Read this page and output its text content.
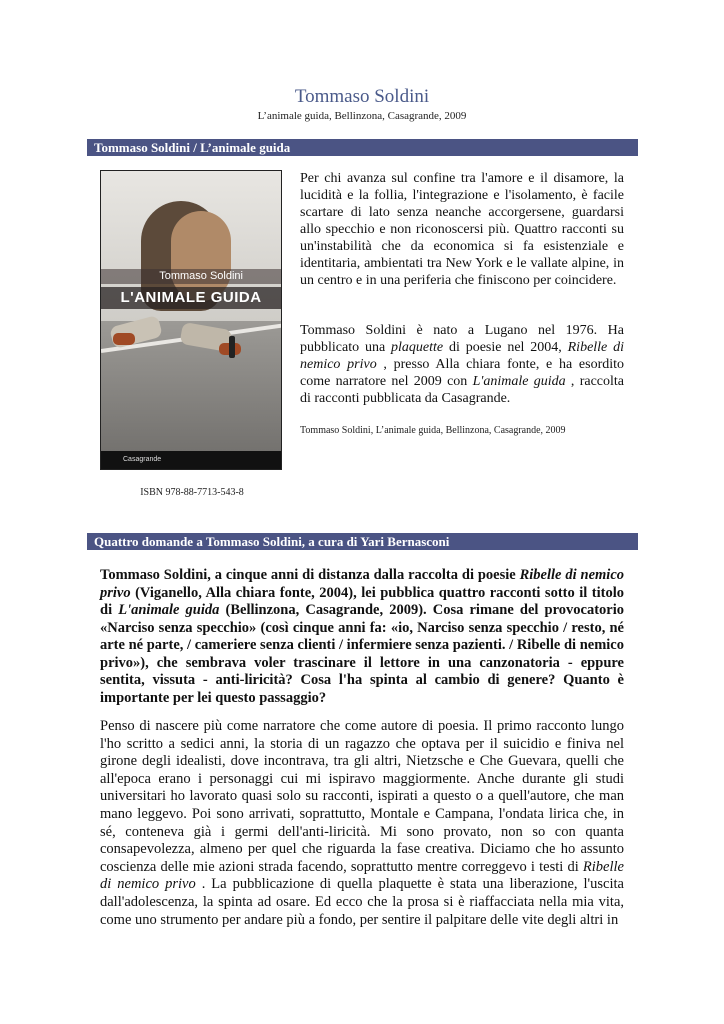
Tommaso Soldini
L’animale guida, Bellinzona, Casagrande, 2009
Tommaso Soldini / L’animale guida
Tommaso Soldini
L'ANIMALE GUIDA
Casagrande
ISBN 978-88-7713-543-8
Per chi avanza sul confine tra l'amore e il disamore, la lucidità e la follia, l'integrazione e l'isolamento, è facile scartare di lato senza neanche accorgersene, guardarsi allo specchio e non riconoscersi più. Quattro racconti su un'instabilità che da economica si fa esistenziale e identitaria, ambientati tra New York e le vallate alpine, in un centro e in una periferia che finiscono per coincidere.
Tommaso Soldini è nato a Lugano nel 1976. Ha pubblicato una plaquette di poesie nel 2004, Ribelle di nemico privo , presso Alla chiara fonte, e ha esordito come narratore nel 2009 con L'animale guida , raccolta di racconti pubblicata da Casagrande.
Tommaso Soldini, L’animale guida, Bellinzona, Casagrande, 2009
Quattro domande a Tommaso Soldini, a cura di Yari Bernasconi
Tommaso Soldini, a cinque anni di distanza dalla raccolta di poesie Ribelle di nemico privo (Viganello, Alla chiara fonte, 2004), lei pubblica quattro racconti sotto il titolo di L'animale guida (Bellinzona, Casagrande, 2009). Cosa rimane del provocatorio «Narciso senza specchio» (così cinque anni fa: «io, Narciso senza specchio / resto, né arte né parte, / cameriere senza clienti / infermiere senza pazienti. / Ribelle di nemico privo»), che sembrava voler trascinare il lettore in una canzonatoria - eppure sentita, vissuta - anti-liricità? Cosa l'ha spinta al cambio di genere? Quanto è importante per lei questo passaggio?
Penso di nascere più come narratore che come autore di poesia. Il primo racconto lungo l'ho scritto a sedici anni, la storia di un ragazzo che optava per il suicidio e finiva nel girone degli idealisti, dove incontrava, tra gli altri, Nietzsche e Che Guevara, quelli che all'epoca erano i personaggi cui mi ispiravo maggiormente. Anche durante gli studi universitari ho lavorato quasi solo su racconti, ispirati a questo o a quell'autore, che man mano leggevo. Poi sono arrivati, soprattutto, Montale e Campana, l'ondata lirica che, in sé, conteneva già i germi dell'anti-liricità. Mi sono provato, non so con quanta consapevolezza, almeno per quel che riguarda la fase creativa. Diciamo che ho assunto coscienza delle mie azioni strada facendo, soprattutto mentre correggevo i testi di Ribelle di nemico privo . La pubblicazione di quella plaquette è stata una liberazione, l'uscita dall'adolescenza, la spinta ad osare. Ed ecco che la prosa si è riaffacciata nella mia vita, come uno strumento per andare più a fondo, per sentire il palpitare delle vite degli altri in
